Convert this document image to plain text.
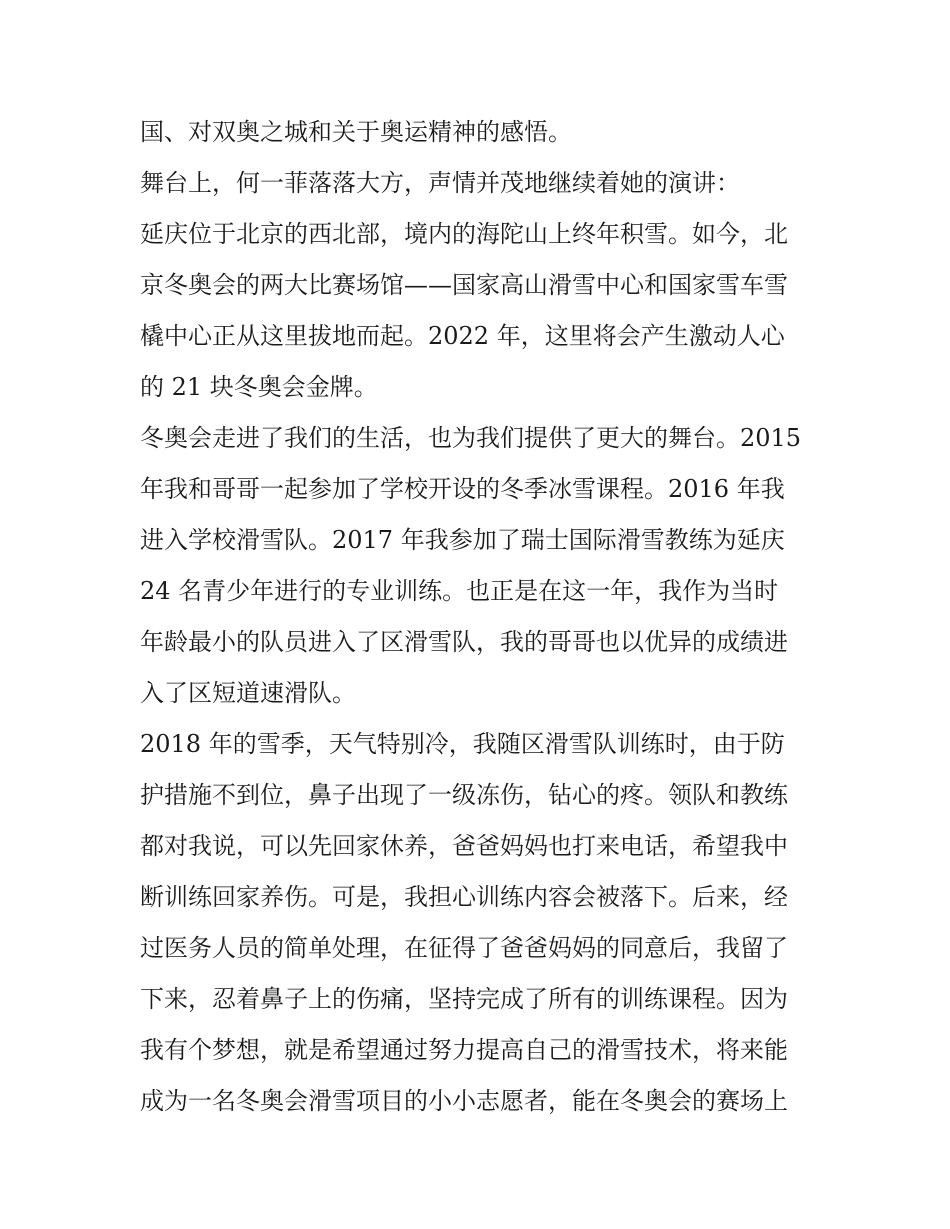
国、对双奥之城和关于奥运精神的感悟。
舞台上，何一菲落落大方，声情并茂地继续着她的演讲：
延庆位于北京的西北部，境内的海陀山上终年积雪。如今，北
京冬奥会的两大比赛场馆——国家高山滑雪中心和国家雪车雪
橇中心正从这里拔地而起。2022 年，这里将会产生激动人心
的 21 块冬奥会金牌。
冬奥会走进了我们的生活，也为我们提供了更大的舞台。2015
年我和哥哥一起参加了学校开设的冬季冰雪课程。2016 年我
进入学校滑雪队。2017 年我参加了瑞士国际滑雪教练为延庆
24 名青少年进行的专业训练。也正是在这一年，我作为当时
年龄最小的队员进入了区滑雪队，我的哥哥也以优异的成绩进
入了区短道速滑队。
2018 年的雪季，天气特别冷，我随区滑雪队训练时，由于防
护措施不到位，鼻子出现了一级冻伤，钻心的疼。领队和教练
都对我说，可以先回家休养，爸爸妈妈也打来电话，希望我中
断训练回家养伤。可是，我担心训练内容会被落下。后来，经
过医务人员的简单处理，在征得了爸爸妈妈的同意后，我留了
下来，忍着鼻子上的伤痛，坚持完成了所有的训练课程。因为
我有个梦想，就是希望通过努力提高自己的滑雪技术，将来能
成为一名冬奥会滑雪项目的小小志愿者，能在冬奥会的赛场上
